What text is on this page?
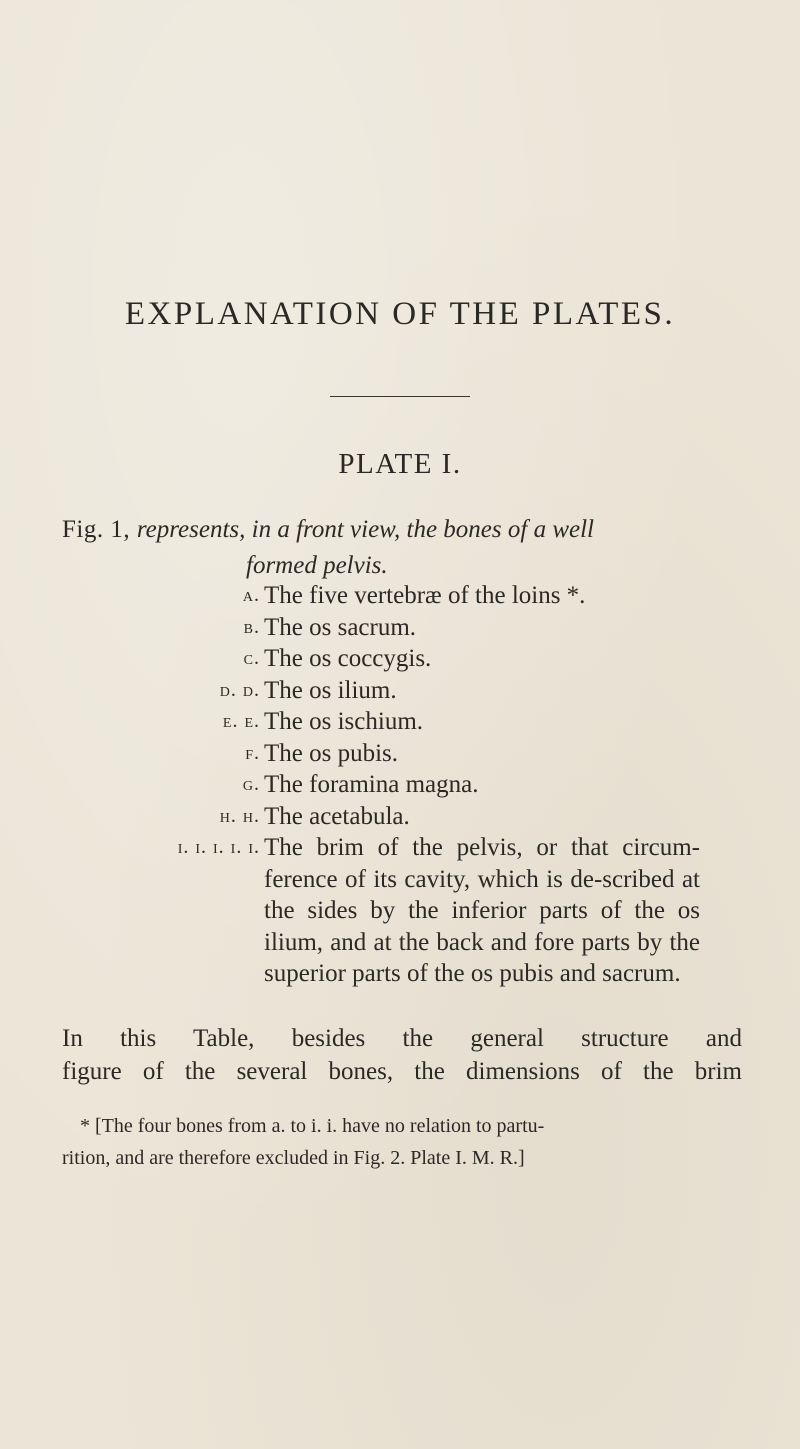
EXPLANATION OF THE PLATES.
PLATE I.

Fig. 1, represents, in a front view, the bones of a well
formed pelvis.

a. The five vertebræ of the loins *.
b. The os sacrum.
c. The os coccygis.
d. d. The os ilium.
e. e. The os ischium.
f. The os pubis.
g. The foramina magna.
h. h. The acetabula.
i. i. i. i. i. The brim of the pelvis, or that circum-ference of its cavity, which is de-scribed at the sides by the inferior parts of the os ilium, and at the back and fore parts by the superior parts of the os pubis and sacrum.

In this Table, besides the general structure and
figure of the several bones, the dimensions of the brim

* [The four bones from a. to i. i. have no relation to partu-
rition, and are therefore excluded in Fig. 2. Plate I. M. R.]
